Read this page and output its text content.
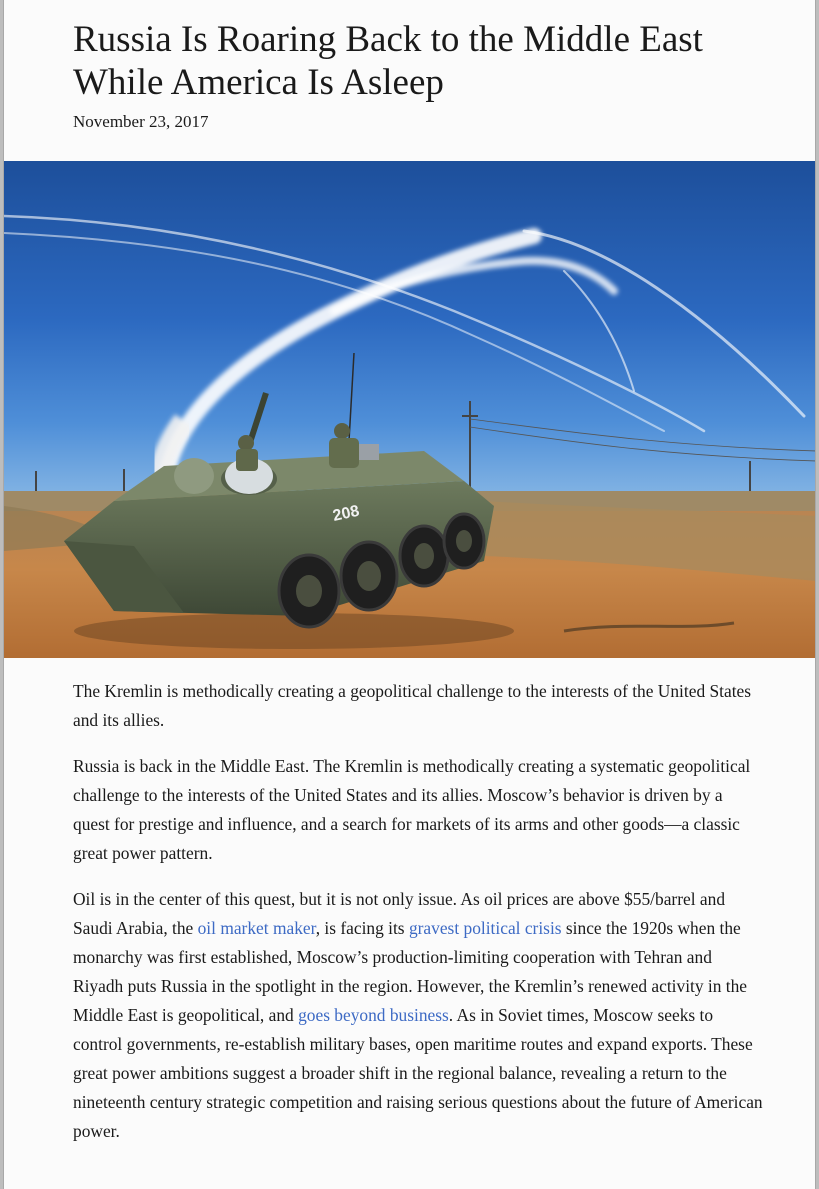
Russia Is Roaring Back to the Middle East While America Is Asleep
November 23, 2017
208

The Kremlin is methodically creating a geopolitical challenge to the interests of the United States and its allies.

Russia is back in the Middle East. The Kremlin is methodically creating a systematic geopolitical challenge to the interests of the United States and its allies. Moscow’s behavior is driven by a quest for prestige and influence, and a search for markets of its arms and other goods—a classic great power pattern.

Oil is in the center of this quest, but it is not only issue. As oil prices are above $55/barrel and Saudi Arabia, the oil market maker, is facing its gravest political crisis since the 1920s when the monarchy was first established, Moscow’s production-limiting cooperation with Tehran and Riyadh puts Russia in the spotlight in the region. However, the Kremlin’s renewed activity in the Middle East is geopolitical, and goes beyond business. As in Soviet times, Moscow seeks to control governments, re-establish military bases, open maritime routes and expand exports. These great power ambitions suggest a broader shift in the regional balance, revealing a return to the nineteenth century strategic competition and raising serious questions about the future of American power.
